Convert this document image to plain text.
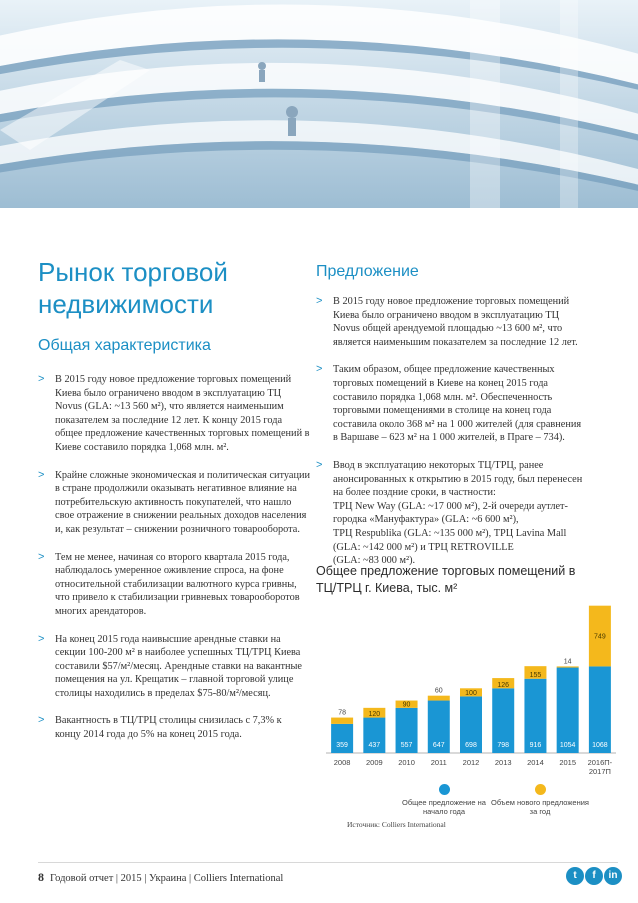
Рынок торговой недвижимости
Общая характеристика
Предложение
> В 2015 году новое предложение торговых помещений Киева было ограничено вводом в эксплуатацию ТЦ Novus (GLA: ~13 560 м²), что является наименьшим показателем за последние 12 лет. К концу 2015 года общее предложение качественных торговых помещений в Киеве составило порядка 1,068 млн. м².

> Крайне сложные экономическая и политическая ситуации в стране продолжили оказывать негативное влияние на потребительскую активность покупателей, что нашло свое отражение в снижении реальных доходов населения и, как результат – снижении розничного товарооборота.

> Тем не менее, начиная со второго квартала 2015 года, наблюдалось умеренное оживление спроса, на фоне относительной стабилизации валютного курса гривны, что привело к стабилизации гривневых товарооборотов многих арендаторов.

> На конец 2015 года наивысшие арендные ставки на секции 100-200 м² в наиболее успешных ТЦ/ТРЦ Киева составили $57/м²/месяц. Арендные ставки на вакантные помещения на ул. Крещатик – главной торговой улице столицы находились в пределах $75-80/м²/месяц.

> Вакантность в ТЦ/ТРЦ столицы снизилась с 7,3% к концу 2014 года до 5% на конец 2015 года.

> В 2015 году новое предложение торговых помещений Киева было ограничено вводом в эксплуатацию ТЦ Novus общей арендуемой площадью ~13 600 м², что является наименьшим показателем за последние 12 лет.

> Таким образом, общее предложение качественных торговых помещений в Киеве на конец 2015 года составило порядка 1,068 млн. м². Обеспеченность торговыми помещениями в столице на конец года составила около 368 м² на 1 000 жителей (для сравнения в Варшаве – 623 м² на 1 000 жителей, в Праге – 734).

> Ввод в эксплуатацию некоторых ТЦ/ТРЦ, ранее анонсированных к открытию в 2015 году, был перенесен на более поздние сроки, в частности:
ТРЦ New Way (GLA: ~17 000 м²), 2-й очереди аутлет-городка «Мануфактура» (GLA: ~6 600 м²),
ТРЦ Respublika (GLA: ~135 000 м²), ТРЦ Lavina Mall (GLA: ~142 000 м²) и ТРЦ RETROVILLE
(GLA: ~83 000 м²).

Общее предложение торговых помещений в
ТЦ/ТРЦ г. Киева, тыс. м²

359
78
2008
437
120
2009
557
90
2010
647
60
2011
698
100
2012
798
126
2013
916
155
2014
1054
14
2015
1068
749
2016П-
2017П
Общее предложение на начало года
Объем нового предложения за год
Источник: Colliers International
8 Годовой отчет | 2015 | Украина | Colliers International	t	f	in
